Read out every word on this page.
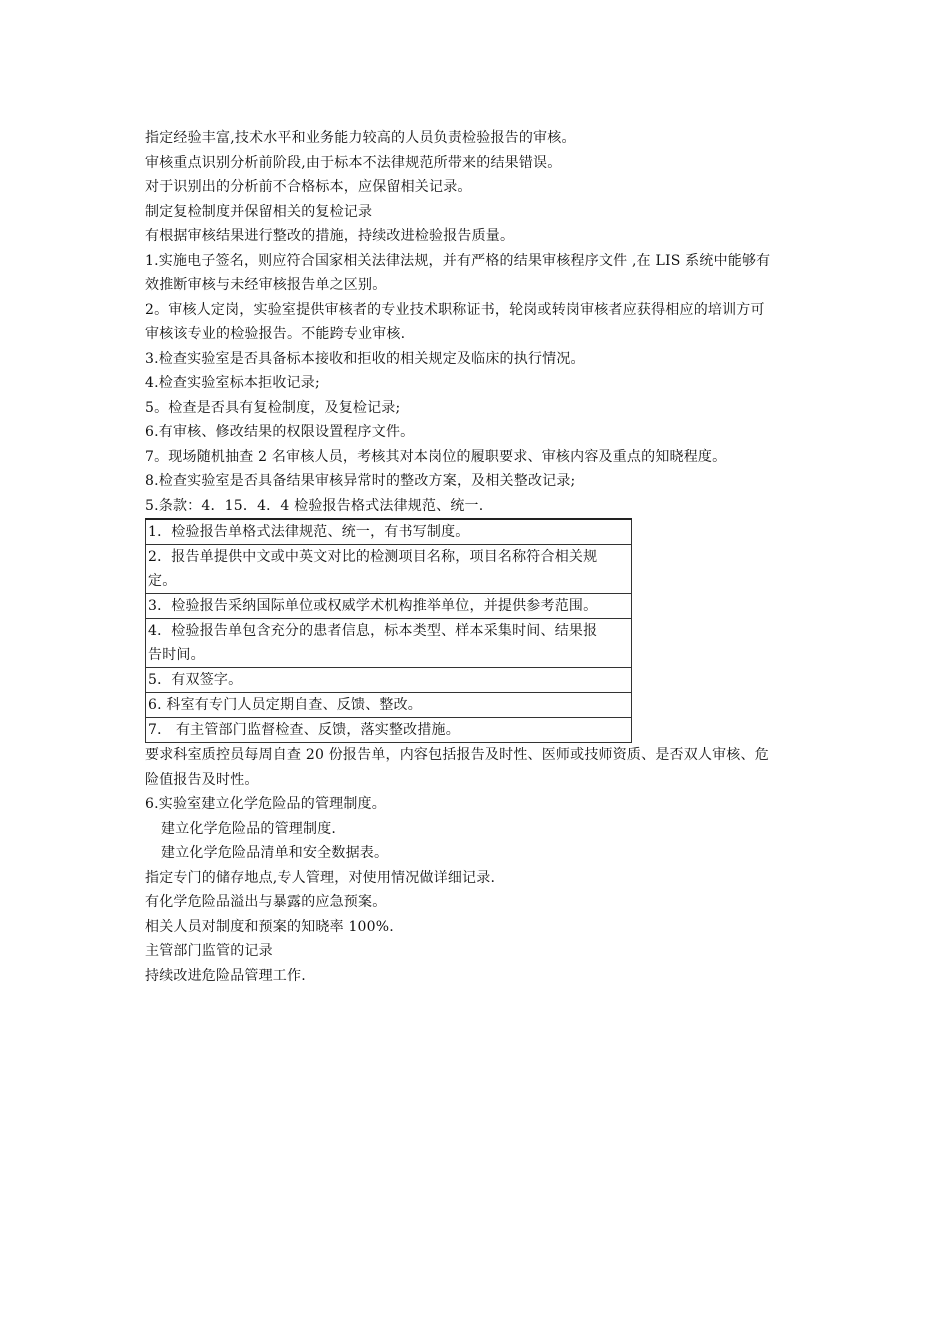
指定经验丰富,技术水平和业务能力较高的人员负责检验报告的审核。

审核重点识别分析前阶段,由于标本不法律规范所带来的结果错误。

对于识别出的分析前不合格标本，应保留相关记录。

制定复检制度并保留相关的复检记录

有根据审核结果进行整改的措施，持续改进检验报告质量。

1.实施电子签名，则应符合国家相关法律法规，并有严格的结果审核程序文件 ,在 LIS 系统中能够有效推断审核与未经审核报告单之区别。

2。审核人定岗，实验室提供审核者的专业技术职称证书，轮岗或转岗审核者应获得相应的培训方可审核该专业的检验报告。不能跨专业审核.

3.检查实验室是否具备标本接收和拒收的相关规定及临床的执行情况。

4.检查实验室标本拒收记录;

5。检查是否具有复检制度，及复检记录;

6.有审核、修改结果的权限设置程序文件。

7。现场随机抽查 2 名审核人员，考核其对本岗位的履职要求、审核内容及重点的知晓程度。

8.检查实验室是否具备结果审核异常时的整改方案，及相关整改记录;

5.条款：4．15．4．4 检验报告格式法律规范、统一.

1．检验报告单格式法律规范、统一，有书写制度。

2．报告单提供中文或中英文对比的检测项目名称，项目名称符合相关规定。

3．检验报告采纳国际单位或权威学术机构推举单位，并提供参考范围。

4．检验报告单包含充分的患者信息，标本类型、样本采集时间、结果报告时间。

5．有双签字。

6. 科室有专门人员定期自查、反馈、整改。

7． 有主管部门监督检查、反馈，落实整改措施。

要求科室质控员每周自查 20 份报告单，内容包括报告及时性、医师或技师资质、是否双人审核、危险值报告及时性。

6.实验室建立化学危险品的管理制度。

建立化学危险品的管理制度.

建立化学危险品清单和安全数据表。

指定专门的储存地点,专人管理，对使用情况做详细记录.

有化学危险品溢出与暴露的应急预案。

相关人员对制度和预案的知晓率 100%.

主管部门监管的记录

持续改进危险品管理工作.
